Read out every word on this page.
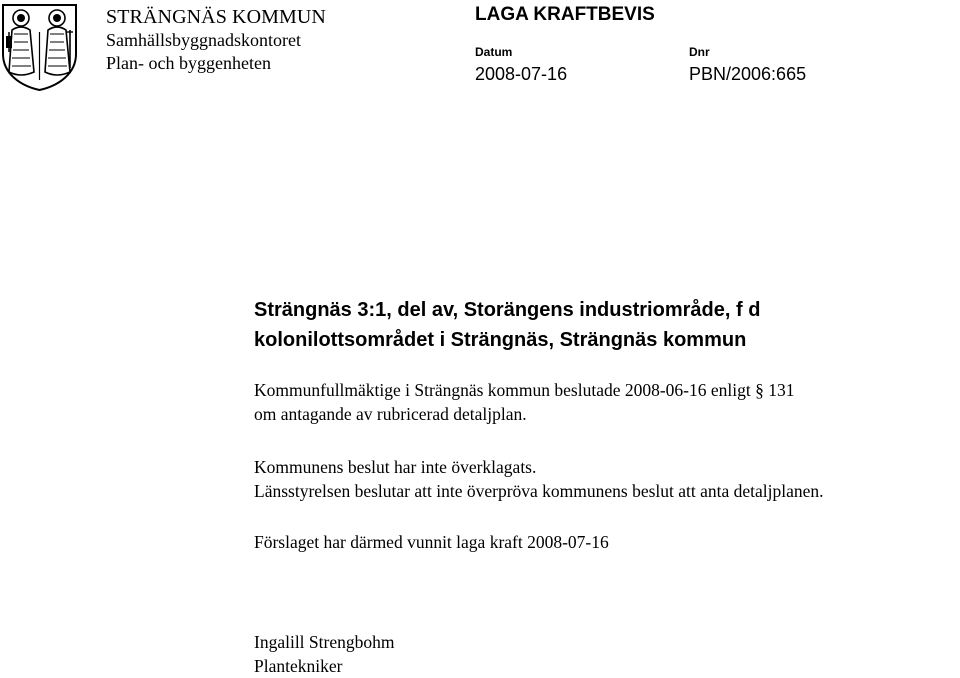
STRÄNGNÄS KOMMUN
Samhällsbyggnadskontoret
Plan- och byggenheten
LAGA KRAFTBEVIS
Datum
2008-07-16
Dnr
PBN/2006:665
Strängnäs 3:1, del av, Storängens industriområde, f d
kolonilottsområdet i Strängnäs, Strängnäs kommun
Kommunfullmäktige i Strängnäs kommun beslutade 2008-06-16 enligt § 131
om antagande av rubricerad detaljplan.
Kommunens beslut har inte överklagats.
Länsstyrelsen beslutar att inte överpröva kommunens beslut att anta detaljplanen.
Förslaget har därmed vunnit laga kraft 2008-07-16
Ingalill Strengbohm
Plantekniker
